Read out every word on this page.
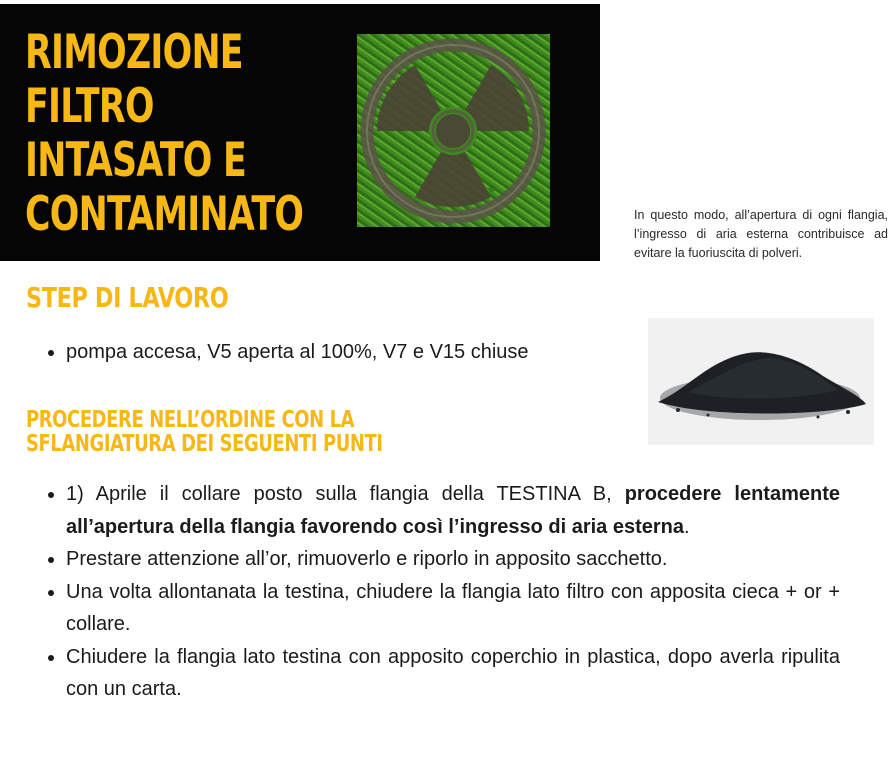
RIMOZIONE
FILTRO
INTASATO E
CONTAMINATO	In questo modo, all’apertura di ogni flangia, l’ingresso di aria esterna contribuisce ad evitare la fuoriuscita di polveri.

STEP DI LAVORO
• pompa accesa, V5 aperta al 100%, V7 e V15 chiuse
PROCEDERE NELL’ORDINE CON LA
SFLANGIATURA DEI SEGUENTI PUNTI
• 1) Aprile il collare posto sulla flangia della TESTINA B, procedere lentamente all’apertura della flangia favorendo così l’ingresso di aria esterna.
• Prestare attenzione all’or, rimuoverlo e riporlo in apposito sacchetto.
• Una volta allontanata la testina, chiudere la flangia lato filtro con apposita cieca + or + collare.
• Chiudere la flangia lato testina con apposito coperchio in plastica, dopo averla ripulita con un carta.
